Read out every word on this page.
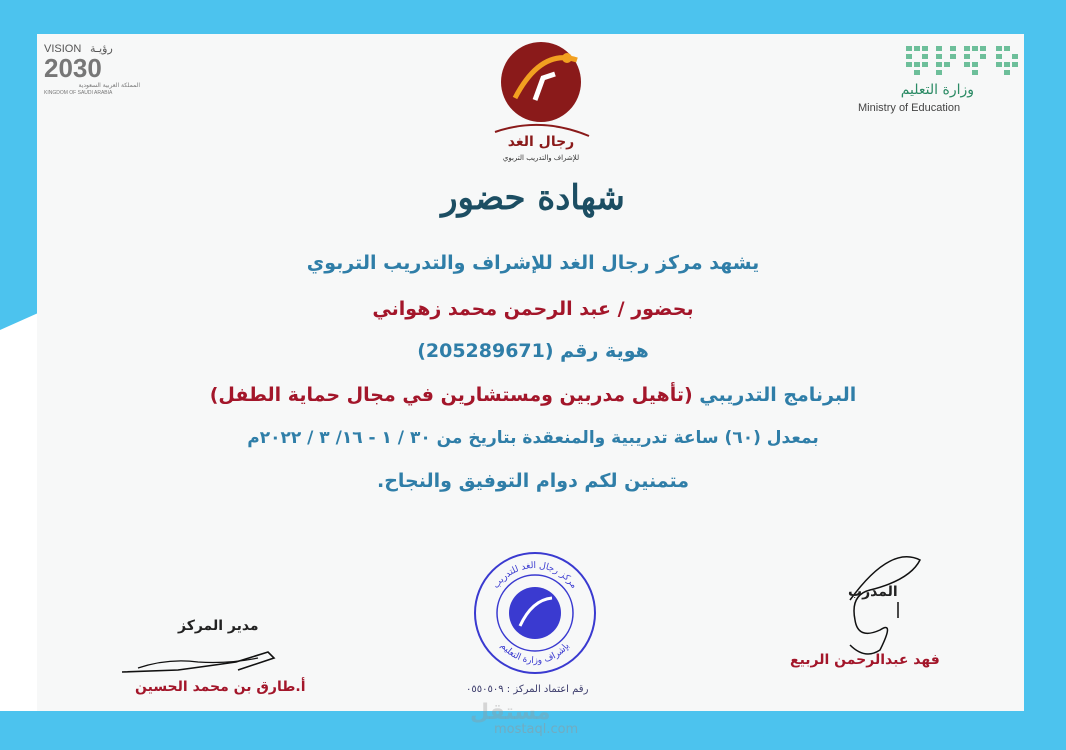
VISION رؤيـة
2030
المملكة العربية السعودية
KINGDOM OF SAUDI ARABIA	وزارة التعليم
Ministry of Education
رجال الغد
للإشراف والتدريب التربوي
شهادة حضور
يشهد مركز رجال الغد للإشراف والتدريب التربوي
بحضور / عبد الرحمن محمد زهواني
هوية رقم (205289671)
البرنامج التدريبي (تأهيل مدربين ومستشارين في مجال حماية الطفل)
بمعدل (٦٠) ساعة تدريبية والمنعقدة بتاريخ من ٣٠ / ١ - ١٦/ ٣ / ٢٠٢٢م
متمنين لكم دوام التوفيق والنجاح.
مركز رجال الغد للتدريب
بإشراف وزارة التعليم
رقم اعتماد المركز : ٠٥٥٠٥٠٩
مدير المركز
أ.طارق بن محمد الحسين
المدرب
فهد عبدالرحمن الربيع
مستقل
mostaql.com
